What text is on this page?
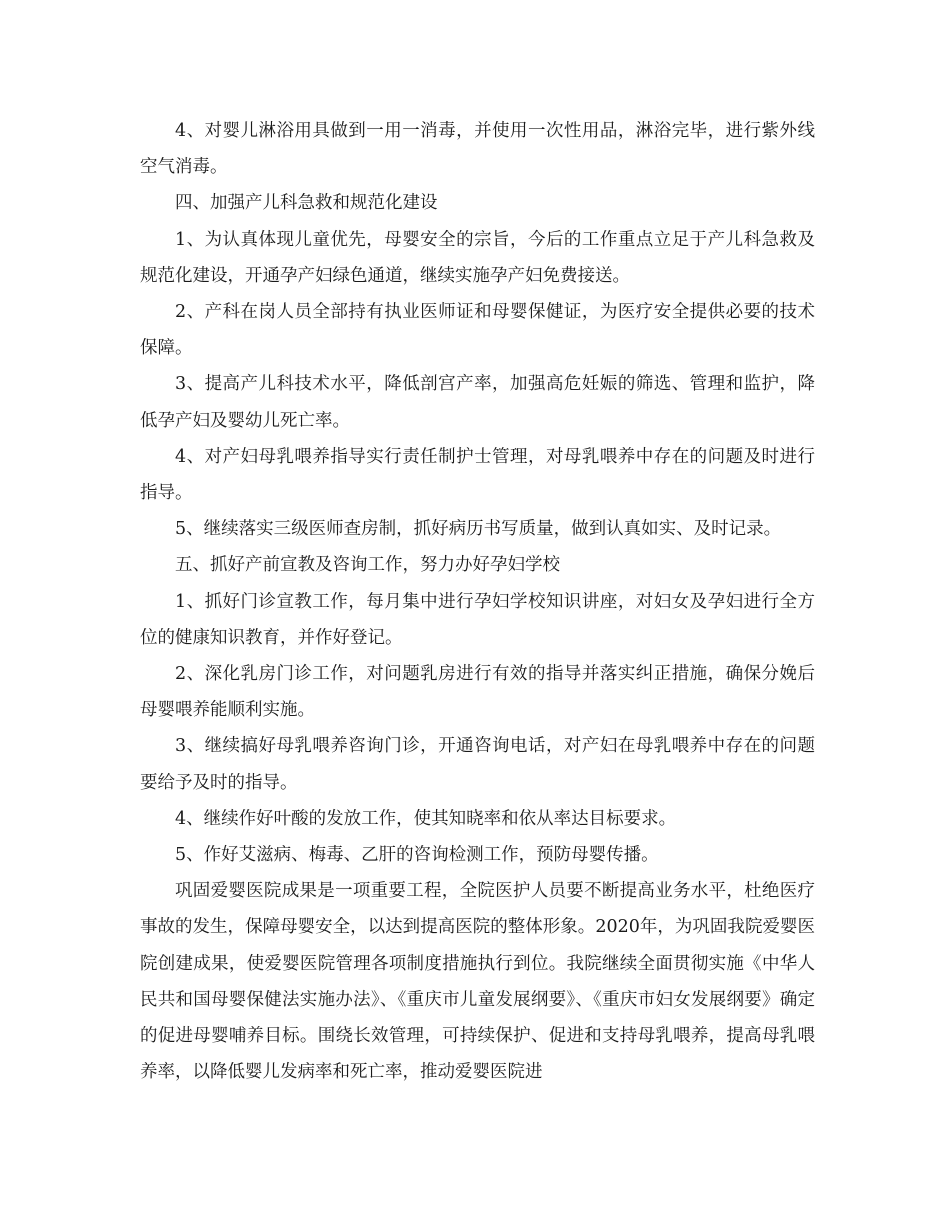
4、对婴儿淋浴用具做到一用一消毒，并使用一次性用品，淋浴完毕，进行紫外线空气消毒。

四、加强产儿科急救和规范化建设

1、为认真体现儿童优先，母婴安全的宗旨，今后的工作重点立足于产儿科急救及规范化建设，开通孕产妇绿色通道，继续实施孕产妇免费接送。

2、产科在岗人员全部持有执业医师证和母婴保健证，为医疗安全提供必要的技术保障。

3、提高产儿科技术水平，降低剖宫产率，加强高危妊娠的筛选、管理和监护，降低孕产妇及婴幼儿死亡率。

4、对产妇母乳喂养指导实行责任制护士管理，对母乳喂养中存在的问题及时进行指导。

5、继续落实三级医师查房制，抓好病历书写质量，做到认真如实、及时记录。

五、抓好产前宣教及咨询工作，努力办好孕妇学校

1、抓好门诊宣教工作，每月集中进行孕妇学校知识讲座，对妇女及孕妇进行全方位的健康知识教育，并作好登记。

2、深化乳房门诊工作，对问题乳房进行有效的指导并落实纠正措施，确保分娩后母婴喂养能顺利实施。

3、继续搞好母乳喂养咨询门诊，开通咨询电话，对产妇在母乳喂养中存在的问题要给予及时的指导。

4、继续作好叶酸的发放工作，使其知晓率和依从率达目标要求。

5、作好艾滋病、梅毒、乙肝的咨询检测工作，预防母婴传播。

巩固爱婴医院成果是一项重要工程，全院医护人员要不断提高业务水平，杜绝医疗事故的发生，保障母婴安全，以达到提高医院的整体形象。2020年，为巩固我院爱婴医院创建成果，使爱婴医院管理各项制度措施执行到位。我院继续全面贯彻实施《中华人民共和国母婴保健法实施办法》、《重庆市儿童发展纲要》、《重庆市妇女发展纲要》确定的促进母婴哺养目标。围绕长效管理，可持续保护、促进和支持母乳喂养，提高母乳喂养率，以降低婴儿发病率和死亡率，推动爱婴医院进
